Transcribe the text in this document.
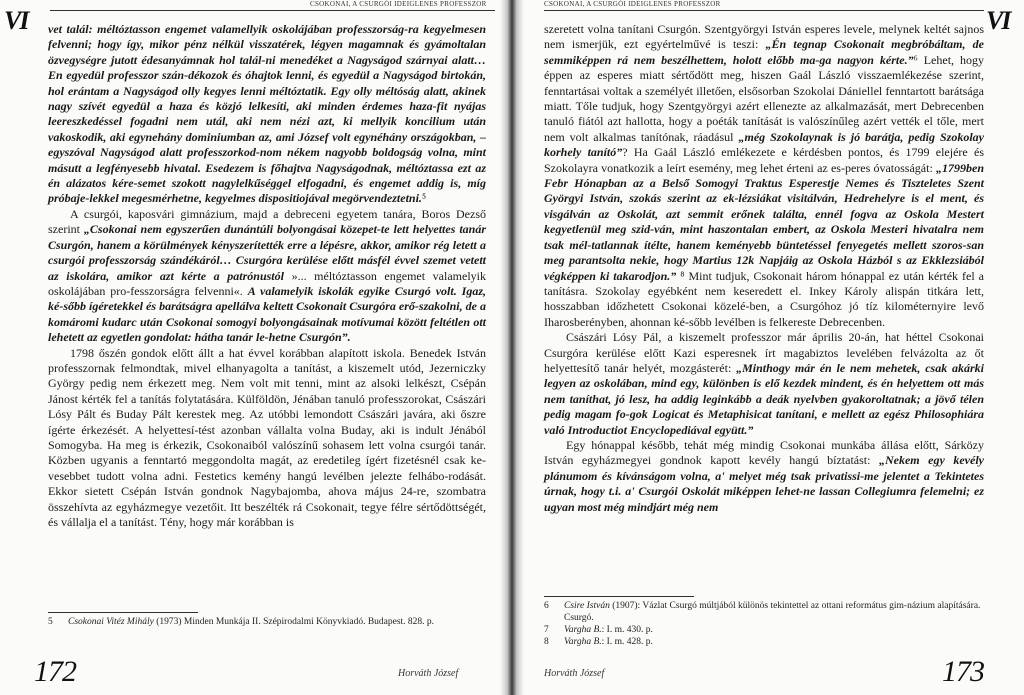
CSOKONAI, A CSURGÓI IDEIGLENES PROFESSZOR
VI vet talál: méltóztasson engemet valamellyik oskolájában professzorság-ra kegyelmesen felvenni; hogy így, mikor pénz nélkül visszatérek, légyen magamnak és gyámoltalan özvegységre jutott édesanyámnak hol talál-ni menedéket a Nagyságod szárnyai alatt… En egyedül professzor szán-dékozok és óhajtok lenni, és egyedül a Nagyságod birtokán, hol erántam a Nagyságod olly kegyes lenni méltóztatik. Egy olly méltóság alatt, akinek nagy szívét egyedül a haza és közjó lelkesíti, aki minden érdemes haza-fit nyájas leereszkedéssel fogadni nem utál, aki nem nézi azt, ki mellyik koncilium után vakoskodik, aki egynehány dominiumban az, ami József volt egynéhány országokban, – egyszóval Nagyságod alatt professzorkod-nom nékem nagyobb boldogság volna, mint másutt a legfényesebb hivatal. Esedezem is főhajtva Nagyságodnak, méltóztassa ezt az én alázatos kére-semet szokott nagylelkűséggel elfogadni, és engemet addig is, míg próbaje-lekkel megesmérhetne, kegyelmes dispositiojával megörvendeztetni.⁵

A csurgói, kaposvári gimnázium, majd a debreceni egyetem tanára, Boros Dezső szerint „Csokonai nem egyszerűen dunántúli bolyongásai közepet-te lett helyettes tanár Csurgón, hanem a körülmények kényszerítették erre a lépésre, akkor, amikor rég letett a csurgói professzorság szándékáról… Csurgóra kerülése előtt másfél évvel szemet vetett az iskolára, amikor azt kérte a patrónustól »... méltóztasson engemet valamelyik oskolájában pro-fesszorságra felvenni«. A valamelyik iskolák egyike Csurgó volt. Igaz, ké-sőbb ígéretekkel és barátságra apellálva keltett Csokonait Csurgóra erő-szakolni, de a komáromi kudarc után Csokonai somogyi bolyongásainak motívumai között feltétlen ott lehetett az egyetlen gondolat: hátha tanár le-hetne Csurgón”.

1798 őszén gondok előtt állt a hat évvel korábban alapított iskola. Benedek István professzornak felmondtak, mivel elhanyagolta a tanítást, a kiszemelt utód, Jezerniczky György pedig nem érkezett meg. Nem volt mit tenni, mint az alsoki lelkészt, Csépán Jánost kérték fel a tanítás folytatására. Külföldön, Jénában tanuló professzorokat, Császári Lósy Pált és Buday Pált kerestek meg. Az utóbbi lemondott Császári javára, aki őszre ígérte érkezését. A helyettesí-tést azonban vállalta volna Buday, aki is indult Jénából Somogyba. Ha meg is érkezik, Csokonaiból valószínű sohasem lett volna csurgói tanár. Közben ugyanis a fenntartó meggondolta magát, az eredetileg ígért fizetésnél csak ke-vesebbet tudott volna adni. Festetics kemény hangú levélben jelezte felhábo-rodását. Ekkor sietett Csépán István gondnok Nagybajomba, ahova május 24-re, szombatra összehívta az egyházmegye vezetőit. Itt beszélték rá Csokonait, tegye félre sértődöttségét, és vállalja el a tanítást. Tény, hogy már korábban is

5	Csokonai Vitéz Mihály (1973) Minden Munkája II. Szépirodalmi Könyvkiadó. Budapest. 828. p.
172	Horváth József
CSOKONAI, A CSURGÓI IDEIGLENES PROFESSZOR
VI

szeretett volna tanítani Csurgón. Szentgyörgyi István esperes levele, melynek keltét sajnos nem ismerjük, ezt egyértelművé is teszi: „Én tegnap Csokonait megbróbáltam, de semmiképpen rá nem beszélhettem, holott előbb ma-ga nagyon kérte.”⁶ Lehet, hogy éppen az esperes miatt sértődött meg, hiszen Gaál László visszaemlékezése szerint, fenntartásai voltak a személyét illetően, elsősorban Szokolai Dániellel fenntartott barátsága miatt. Tőle tudjuk, hogy Szentgyörgyi azért ellenezte az alkalmazását, mert Debrecenben tanuló fiától azt hallotta, hogy a poéták tanítását is valószínűleg azért vették el tőle, mert nem volt alkalmas tanítónak, ráadásul „még Szokolaynak is jó barátja, pedig Szokolay korhely tanító”? Ha Gaál László emlékezete e kérdésben pontos, és 1799 elejére és Szokolayra vonatkozik a leírt esemény, meg lehet érteni az es-peres óvatosságát: „1799ben Febr Hónapban az a Belső Somogyi Traktus Esperestje Nemes és Tiszteletes Szent Györgyi István, szokás szerint az ek-lézsiákat visitálván, Hedrehelyre is el ment, és visgálván az Oskolát, azt semmit erőnek találta, ennél fogva az Oskola Mestert kegyetlenül meg szid-ván, mint haszontalan embert, az Oskola Mesteri hivatalra nem tsak mél-tatlannak ítélte, hanem keményebb büntetéssel fenyegetés mellett szoros-san meg parantsolta nekie, hogy Martius 12k Napjáig az Oskola Házból s az Ekklezsiából végképpen ki takarodjon.” ⁸ Mint tudjuk, Csokonait három hónappal ez után kérték fel a tanításra. Szokolay egyébként nem keseredett el. Inkey Károly alispán titkára lett, hosszabban időzhetett Csokonai közelé-ben, a Csurgóhoz jó tíz kilométernyire levő Iharosberényben, ahonnan ké-sőbb levélben is felkereste Debrecenben.

Császári Lósy Pál, a kiszemelt professzor már április 20-án, hat héttel Csokonai Csurgóra kerülése előtt Kazi esperesnek írt magabiztos levelében felvázolta az őt helyettesítő tanár helyét, mozgásterét: „Minthogy már én le nem mehetek, csak akárki legyen az oskolában, mind egy, különben is elő kezdek mindent, és én helyettem ott más nem taníthat, jó lesz, ha addig leginkább a deák nyelvben gyakoroltatnak; a jövő télen pedig magam fo-gok Logicat és Metaphisicat tanítani, e mellett az egész Philosophiára való Introductiot Encyclopediával együtt.”

Egy hónappal később, tehát még mindig Csokonai munkába állása előtt, Sárközy István egyházmegyei gondnok kapott kevély hangú bíztatást: „Nekem egy kevély plánumom és kívánságom volna, a' melyet még tsak privatissi-me jelentet a Tekintetes úrnak, hogy t.i. a' Csurgói Oskolát miképpen lehet-ne lassan Collegiumra felemelni; ez ugyan most még mindjárt még nem

6	Csire István (1907): Vázlat Csurgó múltjából különös tekintettel az ottani református gim-názium alapítására. Csurgó.
7	Vargha B.: I. m. 430. p.
8	Vargha B.: I. m. 428. p.
173
Horváth József
